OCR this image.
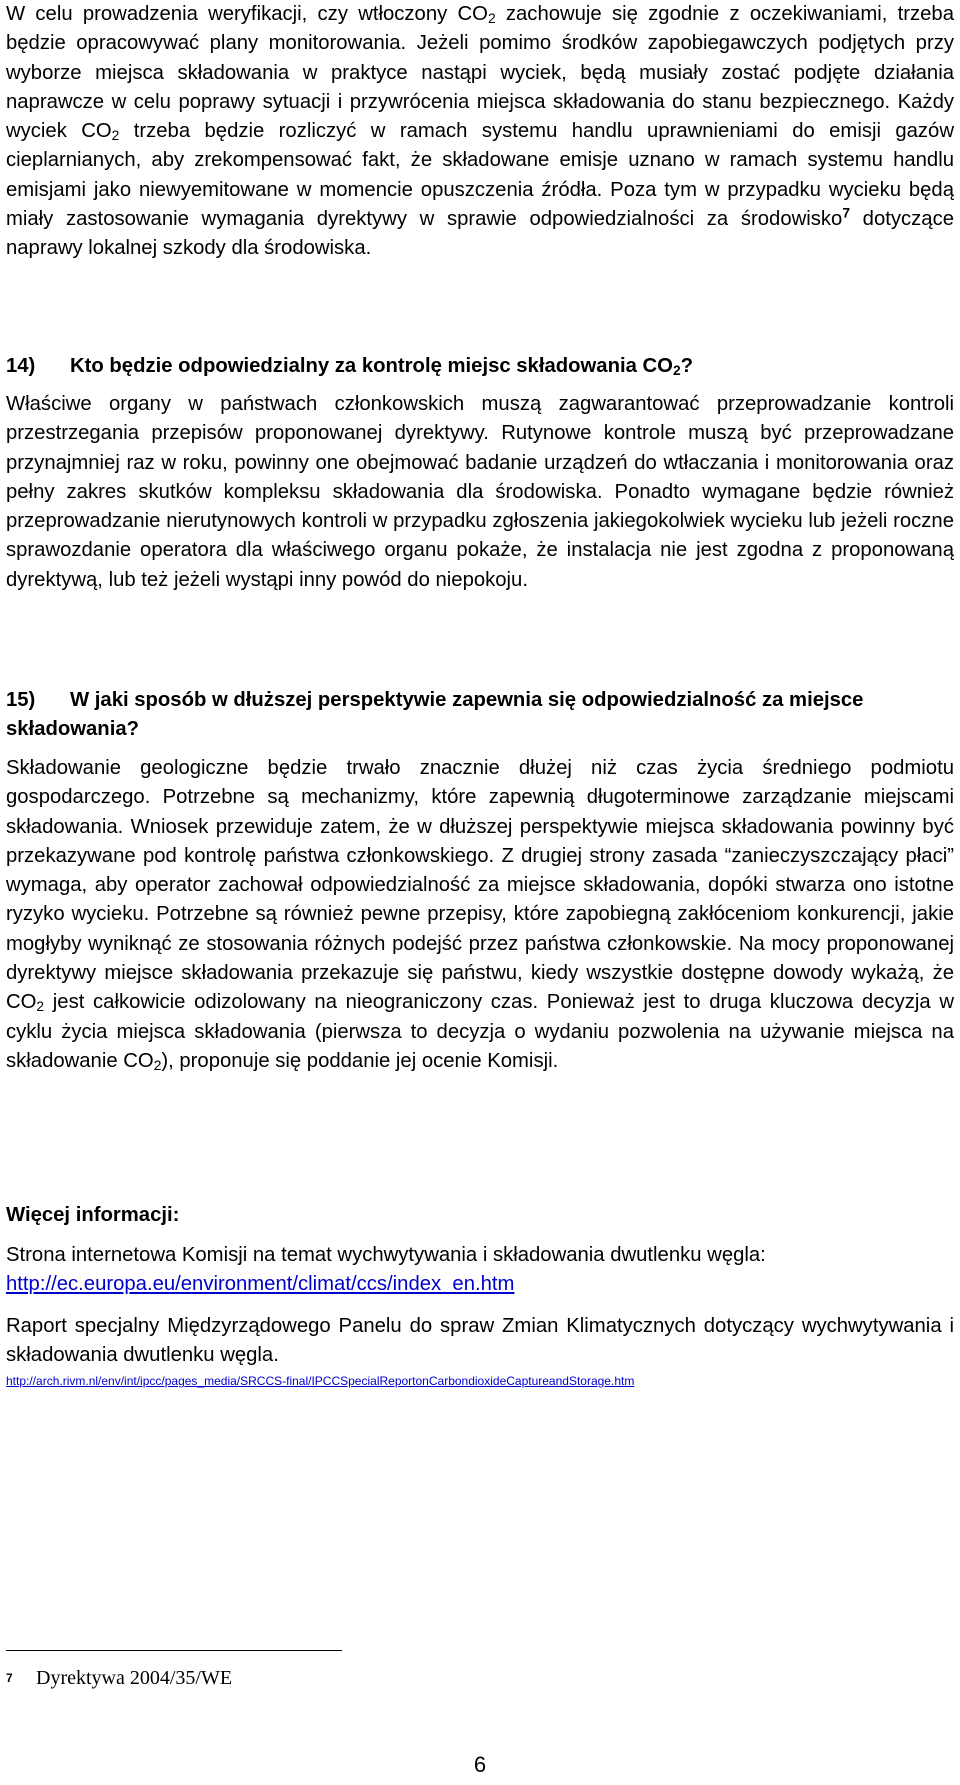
W celu prowadzenia weryfikacji, czy wtłoczony $CO_2$ zachowuje się zgodnie z oczekiwaniami, trzeba będzie opracowywać plany monitorowania. Jeżeli pomimo środków zapobiegawczych podjętych przy wyborze miejsca składowania w praktyce nastąpi wyciek, będą musiały zostać podjęte działania naprawcze w celu poprawy sytuacji i przywrócenia miejsca składowania do stanu bezpiecznego. Każdy wyciek $CO_2$ trzeba będzie rozliczyć w ramach systemu handlu uprawnieniami do emisji gazów cieplarnianych, aby zrekompensować fakt, że składowane emisje uznano w ramach systemu handlu emisjami jako niewyemitowane w momencie opuszczenia źródła. Poza tym w przypadku wycieku będą miały zastosowanie wymagania dyrektywy w sprawie odpowiedzialności za środowisko$^7$ dotyczące naprawy lokalnej szkody dla środowiska.

14) Kto będzie odpowiedzialny za kontrolę miejsc składowania $CO_2$?

Właściwe organy w państwach członkowskich muszą zagwarantować przeprowadzanie kontroli przestrzegania przepisów proponowanej dyrektywy. Rutynowe kontrole muszą być przeprowadzane przynajmniej raz w roku, powinny one obejmować badanie urządzeń do wtłaczania i monitorowania oraz pełny zakres skutków kompleksu składowania dla środowiska. Ponadto wymagane będzie również przeprowadzanie nierutynowych kontroli w przypadku zgłoszenia jakiegokolwiek wycieku lub jeżeli roczne sprawozdanie operatora dla właściwego organu pokaże, że instalacja nie jest zgodna z proponowaną dyrektywą, lub też jeżeli wystąpi inny powód do niepokoju.

15) W jaki sposób w dłuższej perspektywie zapewnia się odpowiedzialność za miejsce składowania?

Składowanie geologiczne będzie trwało znacznie dłużej niż czas życia średniego podmiotu gospodarczego. Potrzebne są mechanizmy, które zapewnią długoterminowe zarządzanie miejscami składowania. Wniosek przewiduje zatem, że w dłuższej perspektywie miejsca składowania powinny być przekazywane pod kontrolę państwa członkowskiego. Z drugiej strony zasada “zanieczyszczający płaci” wymaga, aby operator zachował odpowiedzialność za miejsce składowania, dopóki stwarza ono istotne ryzyko wycieku. Potrzebne są również pewne przepisy, które zapobiegną zakłóceniom konkurencji, jakie mogłyby wyniknąć ze stosowania różnych podejść przez państwa członkowskie. Na mocy proponowanej dyrektywy miejsce składowania przekazuje się państwu, kiedy wszystkie dostępne dowody wykażą, że $CO_2$ jest całkowicie odizolowany na nieograniczony czas. Ponieważ jest to druga kluczowa decyzja w cyklu życia miejsca składowania (pierwsza to decyzja o wydaniu pozwolenia na używanie miejsca na składowanie $CO_2$), proponuje się poddanie jej ocenie Komisji.

Więcej informacji:

Strona internetowa Komisji na temat wychwytywania i składowania dwutlenku węgla:
http://ec.europa.eu/environment/climat/ccs/index_en.htm

Raport specjalny Międzyrządowego Panelu do spraw Zmian Klimatycznych dotyczący wychwytywania i składowania dwutlenku węgla.

http://arch.rivm.nl/env/int/ipcc/pages_media/SRCCS-final/IPCCSpecialReportonCarbondioxideCaptureandStorage.htm
7 Dyrektywa 2004/35/WE
6
